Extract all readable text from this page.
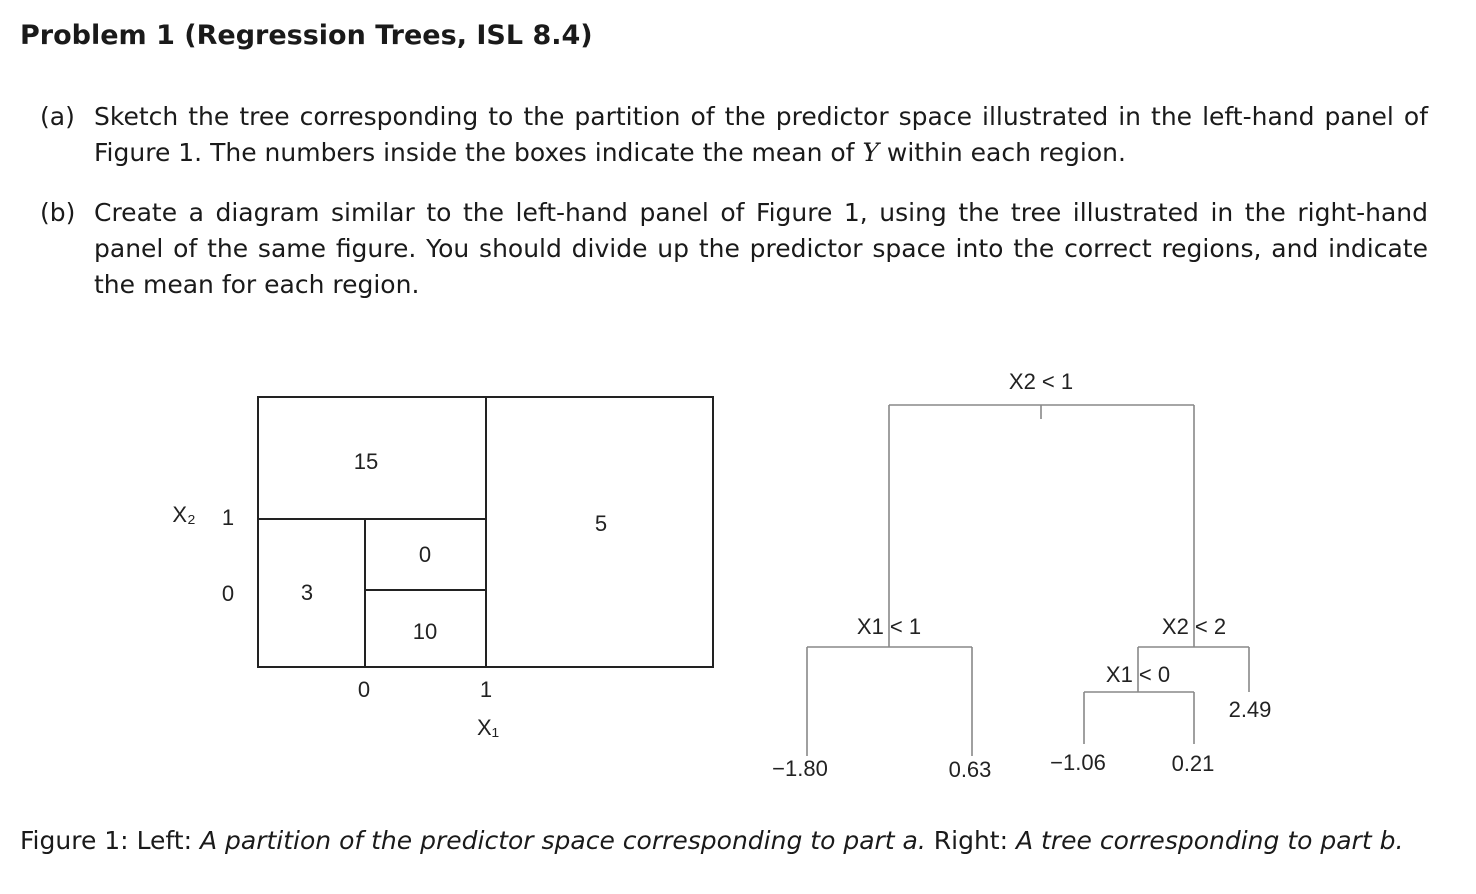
Problem 1 (Regression Trees, ISL 8.4)
(a) Sketch the tree corresponding to the partition of the predictor space illustrated in the left-hand panel of Figure 1. The numbers inside the boxes indicate the mean of Y within each region.
(b) Create a diagram similar to the left-hand panel of Figure 1, using the tree illustrated in the right-hand panel of the same figure. You should divide up the predictor space into the correct regions, and indicate the mean for each region.
15
5
3
0
10
X₂ 1
0
0	1
X₁
X2 < 1
X1 < 1	X2 < 2
X1 < 0
−1.80	0.63	−1.06	0.21
2.49
Figure 1: Left: A partition of the predictor space corresponding to part a. Right: A tree corresponding to part b.
